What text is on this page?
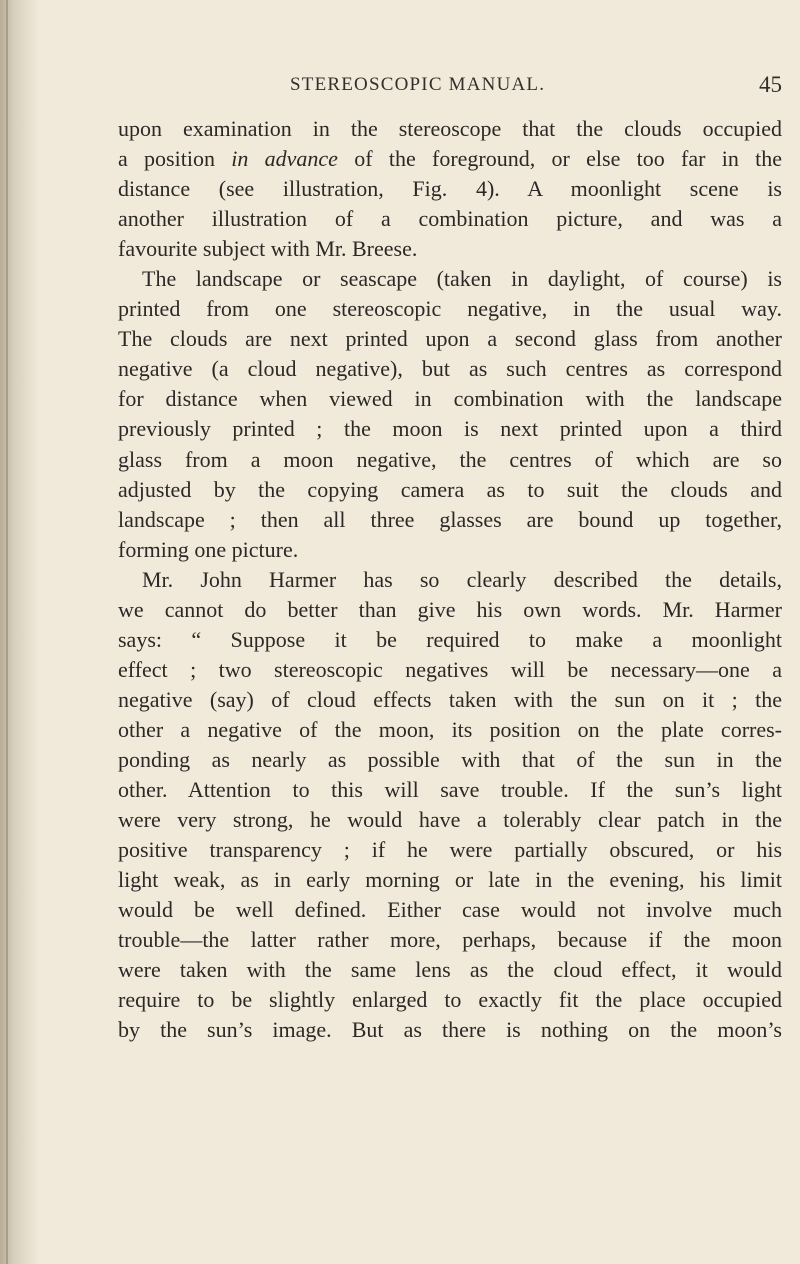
STEREOSCOPIC MANUAL.	45
upon examination in the stereoscope that the clouds occupied
a position in advance of the foreground, or else too far in the
distance (see illustration, Fig. 4). A moonlight scene is
another illustration of a combination picture, and was a
favourite subject with Mr. Breese.
The landscape or seascape (taken in daylight, of course) is
printed from one stereoscopic negative, in the usual way.
The clouds are next printed upon a second glass from another
negative (a cloud negative), but as such centres as correspond
for distance when viewed in combination with the landscape
previously printed ; the moon is next printed upon a third
glass from a moon negative, the centres of which are so
adjusted by the copying camera as to suit the clouds and
landscape ; then all three glasses are bound up together,
forming one picture.
Mr. John Harmer has so clearly described the details,
we cannot do better than give his own words. Mr. Harmer
says: “ Suppose it be required to make a moonlight
effect ; two stereoscopic negatives will be necessary—one a
negative (say) of cloud effects taken with the sun on it ; the
other a negative of the moon, its position on the plate corres-
ponding as nearly as possible with that of the sun in the
other. Attention to this will save trouble. If the sun’s light
were very strong, he would have a tolerably clear patch in the
positive transparency ; if he were partially obscured, or his
light weak, as in early morning or late in the evening, his limit
would be well defined. Either case would not involve much
trouble—the latter rather more, perhaps, because if the moon
were taken with the same lens as the cloud effect, it would
require to be slightly enlarged to exactly fit the place occupied
by the sun’s image. But as there is nothing on the moon’s
